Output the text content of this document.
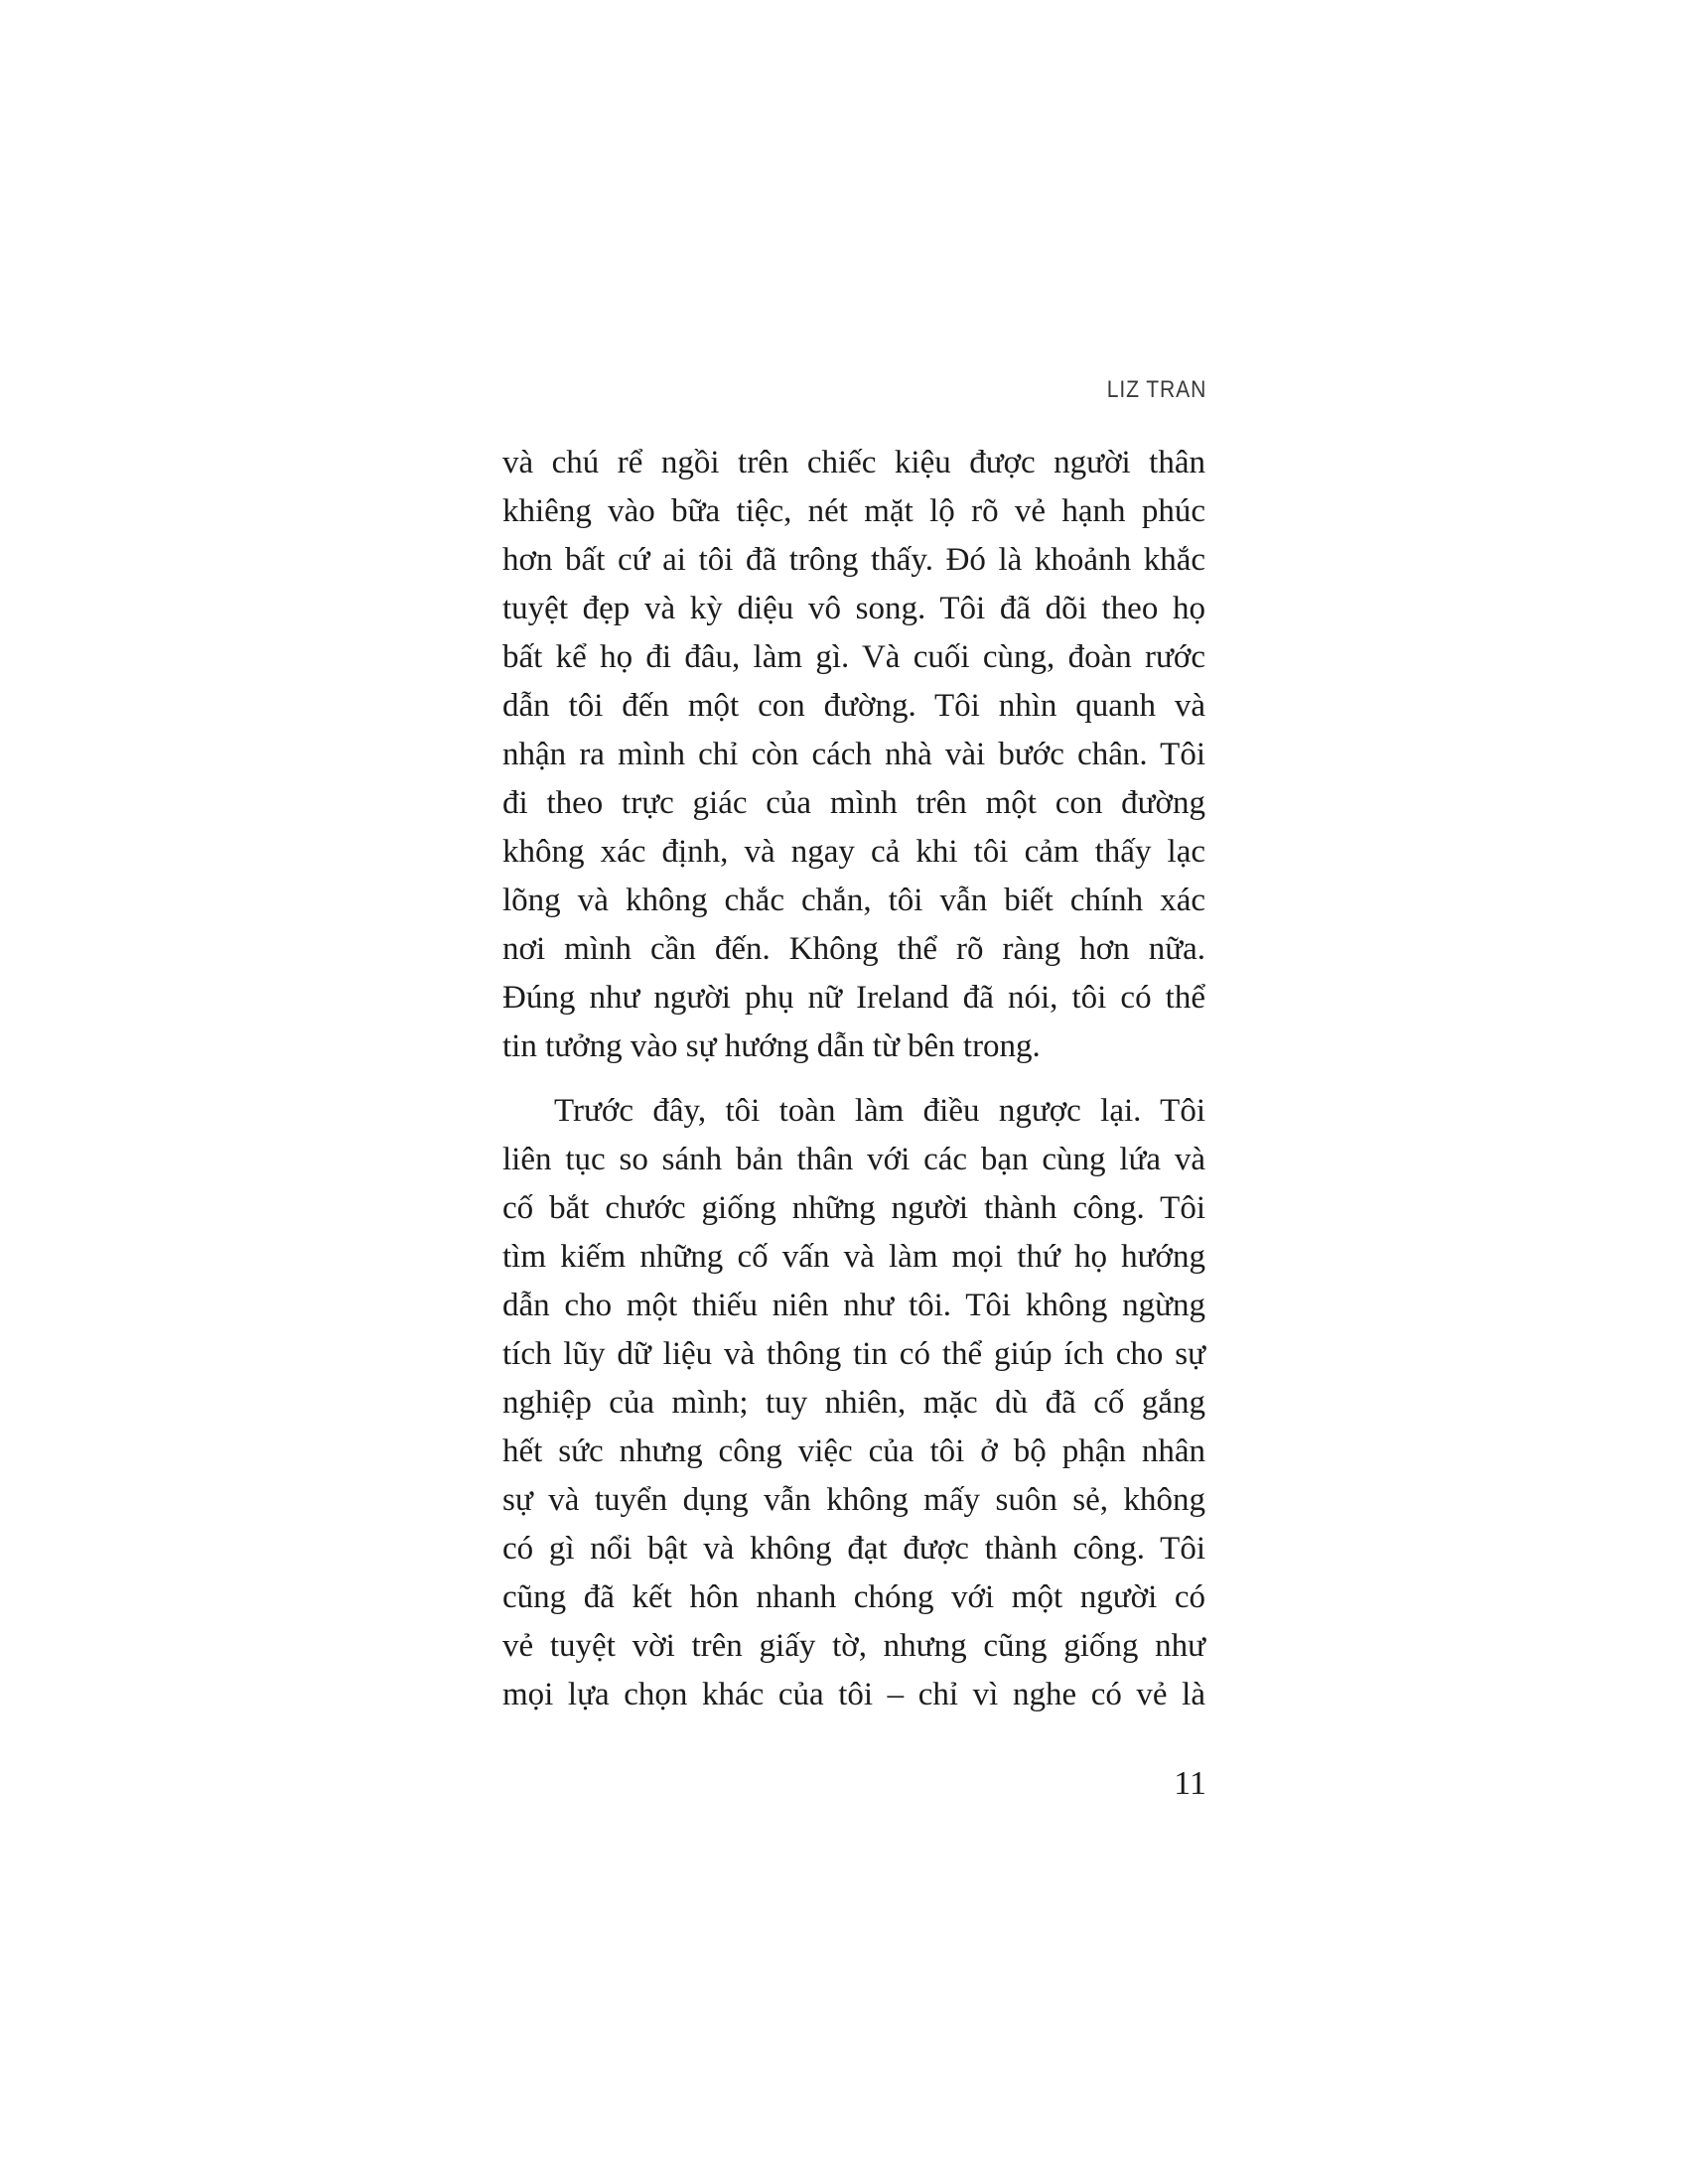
LIZ TRAN
và chú rể ngồi trên chiếc kiệu được người thân
khiêng vào bữa tiệc, nét mặt lộ rõ vẻ hạnh phúc
hơn bất cứ ai tôi đã trông thấy. Đó là khoảnh khắc
tuyệt đẹp và kỳ diệu vô song. Tôi đã dõi theo họ
bất kể họ đi đâu, làm gì. Và cuối cùng, đoàn rước
dẫn tôi đến một con đường. Tôi nhìn quanh và
nhận ra mình chỉ còn cách nhà vài bước chân. Tôi
đi theo trực giác của mình trên một con đường
không xác định, và ngay cả khi tôi cảm thấy lạc
lõng và không chắc chắn, tôi vẫn biết chính xác
nơi mình cần đến. Không thể rõ ràng hơn nữa.
Đúng như người phụ nữ Ireland đã nói, tôi có thể
tin tưởng vào sự hướng dẫn từ bên trong.
Trước đây, tôi toàn làm điều ngược lại. Tôi
liên tục so sánh bản thân với các bạn cùng lứa và
cố bắt chước giống những người thành công. Tôi
tìm kiếm những cố vấn và làm mọi thứ họ hướng
dẫn cho một thiếu niên như tôi. Tôi không ngừng
tích lũy dữ liệu và thông tin có thể giúp ích cho sự
nghiệp của mình; tuy nhiên, mặc dù đã cố gắng
hết sức nhưng công việc của tôi ở bộ phận nhân
sự và tuyển dụng vẫn không mấy suôn sẻ, không
có gì nổi bật và không đạt được thành công. Tôi
cũng đã kết hôn nhanh chóng với một người có
vẻ tuyệt vời trên giấy tờ, nhưng cũng giống như
mọi lựa chọn khác của tôi – chỉ vì nghe có vẻ là
11
